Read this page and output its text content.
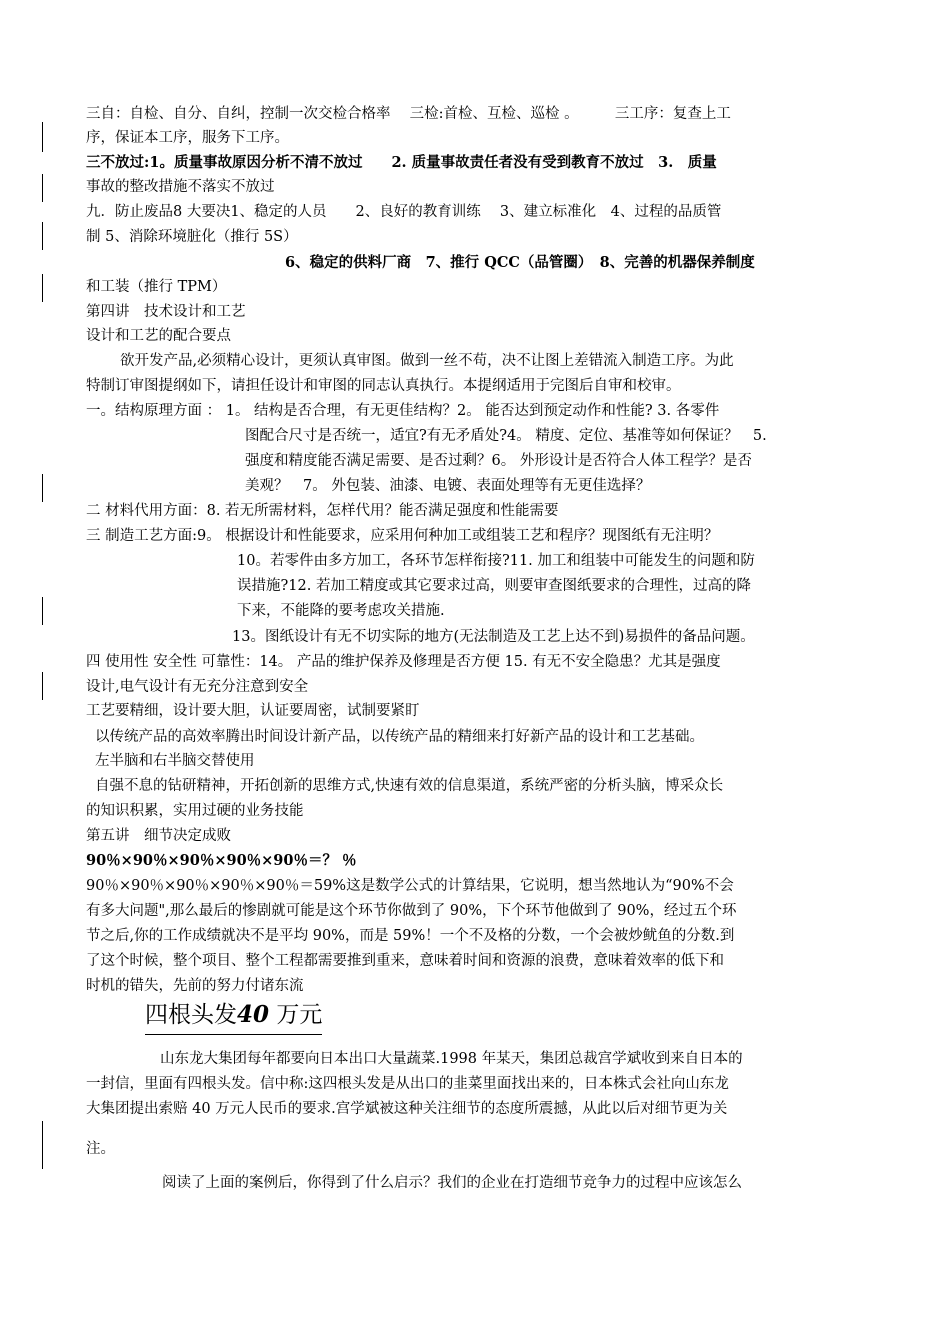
三自：自检、自分、自纠，控制一次交检合格率　 三检:首检、互检、巡检 。　　　三工序：复查上工
序，保证本工序，服务下工序。
三不放过:1。质量事故原因分析不清不放过　　2. 质量事故责任者没有受到教育不放过　3.　质量
事故的整改措施不落实不放过
九．防止废品8 大要决1、稳定的人员　　2、良好的教育训练　 3、建立标准化　4、过程的品质管
制 5、消除环境脏化（推行 5S）
6、稳定的供料厂商　7、推行 QCC（品管圈）　8、完善的机器保养制度
和工装（推行 TPM）
第四讲　技术设计和工艺
设计和工艺的配合要点
欲开发产品,必须精心设计，更须认真审图。做到一丝不苟，决不让图上差错流入制造工序。为此
特制订审图提纲如下，请担任设计和审图的同志认真执行。本提纲适用于完图后自审和校审。
一。结构原理方面 ： 1。 结构是否合理，有无更佳结构？2。 能否达到预定动作和性能? 3. 各零件
图配合尺寸是否统一，适宜?有无矛盾处?4。 精度、定位、基准等如何保证？　5.
强度和精度能否满足需要、是否过剩？6。 外形设计是否符合人体工程学？是否
美观？　7。 外包装、油漆、电镀、表面处理等有无更佳选择？
二 材料代用方面：8. 若无所需材料，怎样代用？能否满足强度和性能需要
三 制造工艺方面:9。 根据设计和性能要求，应采用何种加工或组装工艺和程序？现图纸有无注明？
10。若零件由多方加工，各环节怎样衔接?11. 加工和组装中可能发生的问题和防
误措施?12. 若加工精度或其它要求过高，则要审查图纸要求的合理性，过高的降
下来，不能降的要考虑攻关措施.
13。图纸设计有无不切实际的地方(无法制造及工艺上达不到)易损件的备品问题。
四 使用性 安全性 可靠性：14。 产品的维护保养及修理是否方便 15. 有无不安全隐患？尤其是强度
设计,电气设计有无充分注意到安全
工艺要精细，设计要大胆，认证要周密，试制要紧盯
以传统产品的高效率腾出时间设计新产品，以传统产品的精细来打好新产品的设计和工艺基础。
左半脑和右半脑交替使用
自强不息的钻研精神，开拓创新的思维方式,快速有效的信息渠道，系统严密的分析头脑，博采众长
的知识积累，实用过硬的业务技能
第五讲　细节决定成败
90％×90％×90％×90％×90％＝？ ％
90％×90％×90％×90％×90％＝59%这是数学公式的计算结果，它说明，想当然地认为“90%不会
有多大问题",那么最后的惨剧就可能是这个环节你做到了 90%，下个环节他做到了 90%，经过五个环
节之后,你的工作成绩就决不是平均 90%，而是 59%！一个不及格的分数，一个会被炒鱿鱼的分数.到
了这个时候，整个项目、整个工程都需要推到重来，意味着时间和资源的浪费，意味着效率的低下和
时机的错失，先前的努力付诸东流
四根头发40 万元
山东龙大集团每年都要向日本出口大量蔬菜.1998 年某天，集团总裁宫学斌收到来自日本的
一封信，里面有四根头发。信中称:这四根头发是从出口的韭菜里面找出来的，日本株式会社向山东龙
大集团提出索赔 40 万元人民币的要求.宫学斌被这种关注细节的态度所震撼，从此以后对细节更为关
注。
阅读了上面的案例后，你得到了什么启示？我们的企业在打造细节竞争力的过程中应该怎么
